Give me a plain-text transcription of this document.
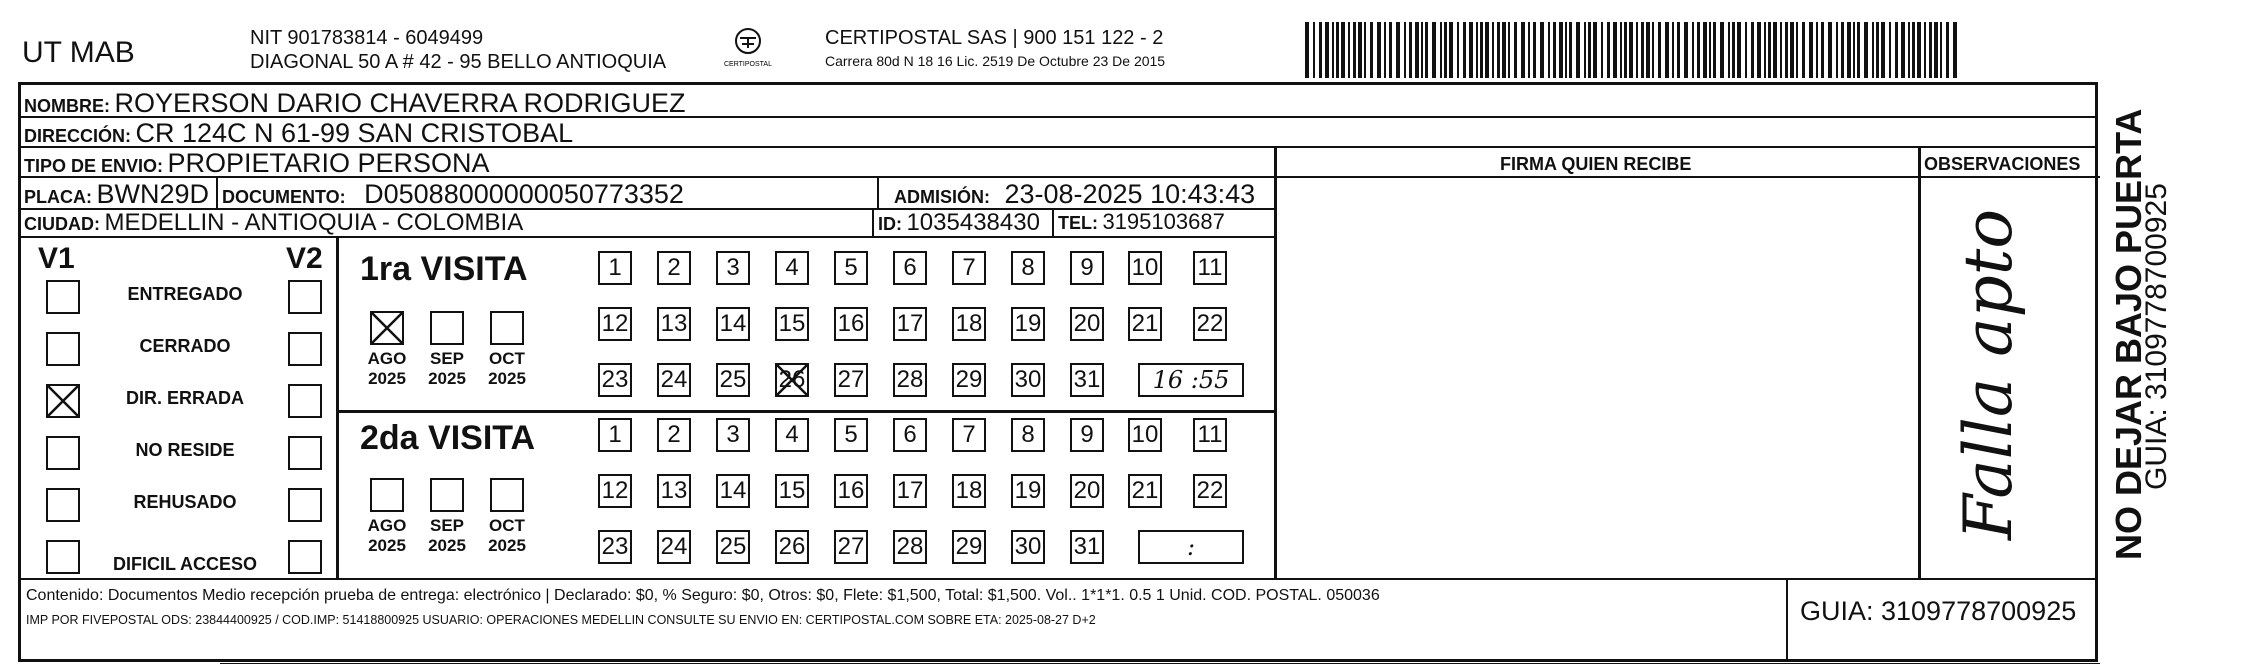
UT MAB	NIT 901783814 - 6049499
DIAGONAL 50 A # 42 - 95 BELLO ANTIOQUIA	CERTIPOSTAL
CERTIPOSTAL SAS | 900 151 122 - 2
Carrera 80d N 18 16 Lic. 2519 De Octubre 23 De 2015
NOMBRE: ROYERSON DARIO CHAVERRA RODRIGUEZ
DIRECCIÓN: CR 124C N 61-99 SAN CRISTOBAL
TIPO DE ENVIO: PROPIETARIO PERSONA
PLACA: BWN29D DOCUMENTO: D05088000000050773352	ADMISIÓN: 23-08-2025 10:43:43
CIUDAD: MEDELLIN - ANTIOQUIA - COLOMBIA	ID: 1035438430 TEL: 3195103687
FIRMA QUIEN RECIBE	OBSERVACIONES
V1	V2
ENTREGADO
CERRADO
DIR. ERRADA
NO RESIDE
REHUSADO
DIFICIL ACCESO
1ra VISITA
2da VISITA
1	2	3	4	5	6	7	8	9	10 11
12 13 14 15 16 17 18 19 20 21 22
23 24 25 26 27 28 29 30 31	16 :55
AGO
2025
SEP
2025
OCT
2025
1	2	3	4	5	6	7	8	9	10 11
12 13 14 15 16 17 18 19 20 21 22
23 24 25 26 27 28 29 30 31	:
AGO
2025
SEP
2025
OCT
2025
Falla apto
Contenido: Documentos Medio recepción prueba de entrega: electrónico | Declarado: $0, % Seguro: $0, Otros: $0, Flete: $1,500, Total: $1,500. Vol.. 1*1*1. 0.5 1 Unid. COD. POSTAL. 050036
IMP POR FIVEPOSTAL ODS: 23844400925 / COD.IMP: 51418800925 USUARIO: OPERACIONES MEDELLIN CONSULTE SU ENVIO EN: CERTIPOSTAL.COM SOBRE ETA: 2025-08-27 D+2	GUIA: 3109778700925
NO DEJAR BAJO PUERTA
GUIA: 3109778700925
